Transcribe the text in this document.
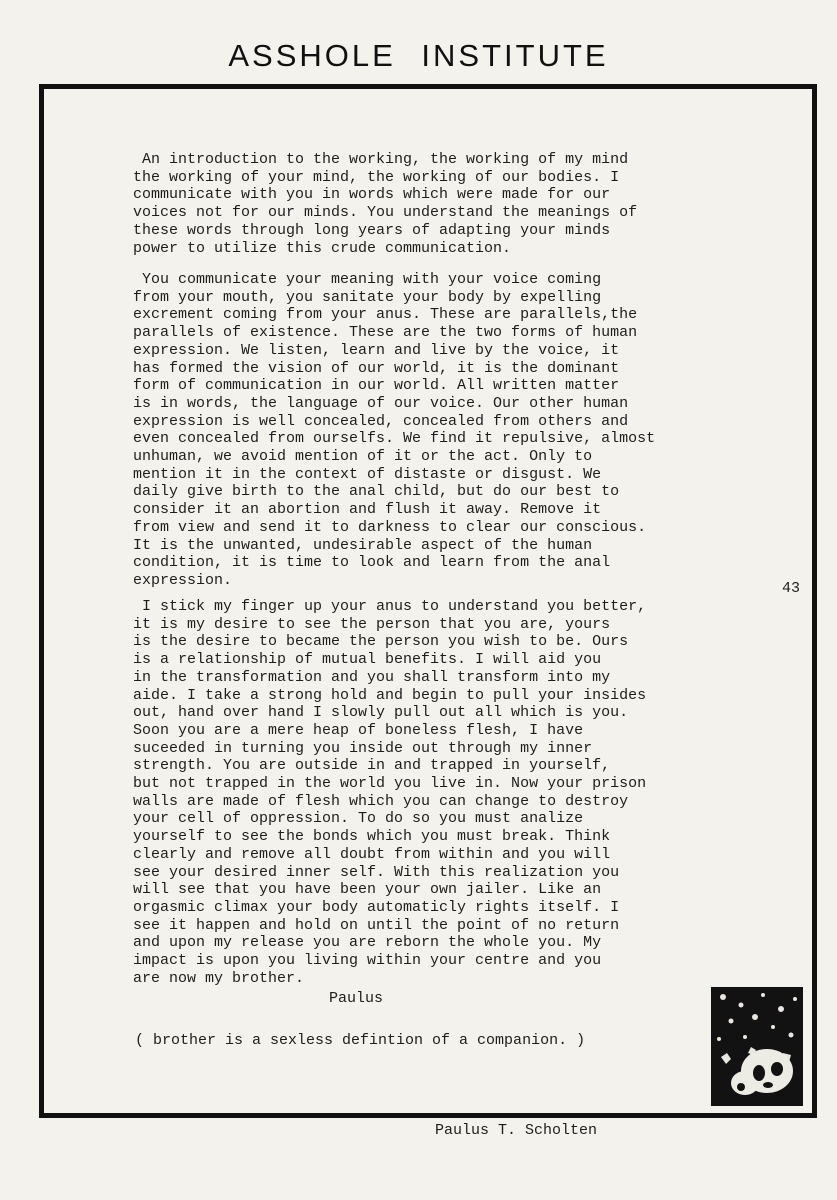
ASSHOLE INSTITUTE

An introduction to the working, the working of my mind
the working of your mind, the working of our bodies. I
communicate with you in words which were made for our
voices not for our minds. You understand the meanings of
these words through long years of adapting your minds
power to utilize this crude communication.

You communicate your meaning with your voice coming
from your mouth, you sanitate your body by expelling
excrement coming from your anus. These are parallels,the
parallels of existence. These are the two forms of human
expression. We listen, learn and live by the voice, it
has formed the vision of our world, it is the dominant
form of communication in our world. All written matter
is in words, the language of our voice. Our other human
expression is well concealed, concealed from others and
even concealed from ourselfs. We find it repulsive, almost
unhuman, we avoid mention of it or the act. Only to
mention it in the context of distaste or disgust. We
daily give birth to the anal child, but do our best to
consider it an abortion and flush it away. Remove it
from view and send it to darkness to clear our conscious.
It is the unwanted, undesirable aspect of the human
condition, it is time to look and learn from the anal
expression.

I stick my finger up your anus to understand you better,
it is my desire to see the person that you are, yours
is the desire to became the person you wish to be. Ours
is a relationship of mutual benefits. I will aid you
in the transformation and you shall transform into my
aide. I take a strong hold and begin to pull your insides
out, hand over hand I slowly pull out all which is you.
Soon you are a mere heap of boneless flesh, I have
suceeded in turning you inside out through my inner
strength. You are outside in and trapped in yourself,
but not trapped in the world you live in. Now your prison
walls are made of flesh which you can change to destroy
your cell of oppression. To do so you must analize
yourself to see the bonds which you must break. Think
clearly and remove all doubt from within and you will
see your desired inner self. With this realization you
will see that you have been your own jailer. Like an
orgasmic climax your body automaticly rights itself. I
see it happen and hold on until the point of no return
and upon my release you are reborn the whole you. My
impact is upon you living within your centre and you
are now my brother.

Paulus
( brother is a sexless defintion of a companion. )
43
Paulus T. Scholten
